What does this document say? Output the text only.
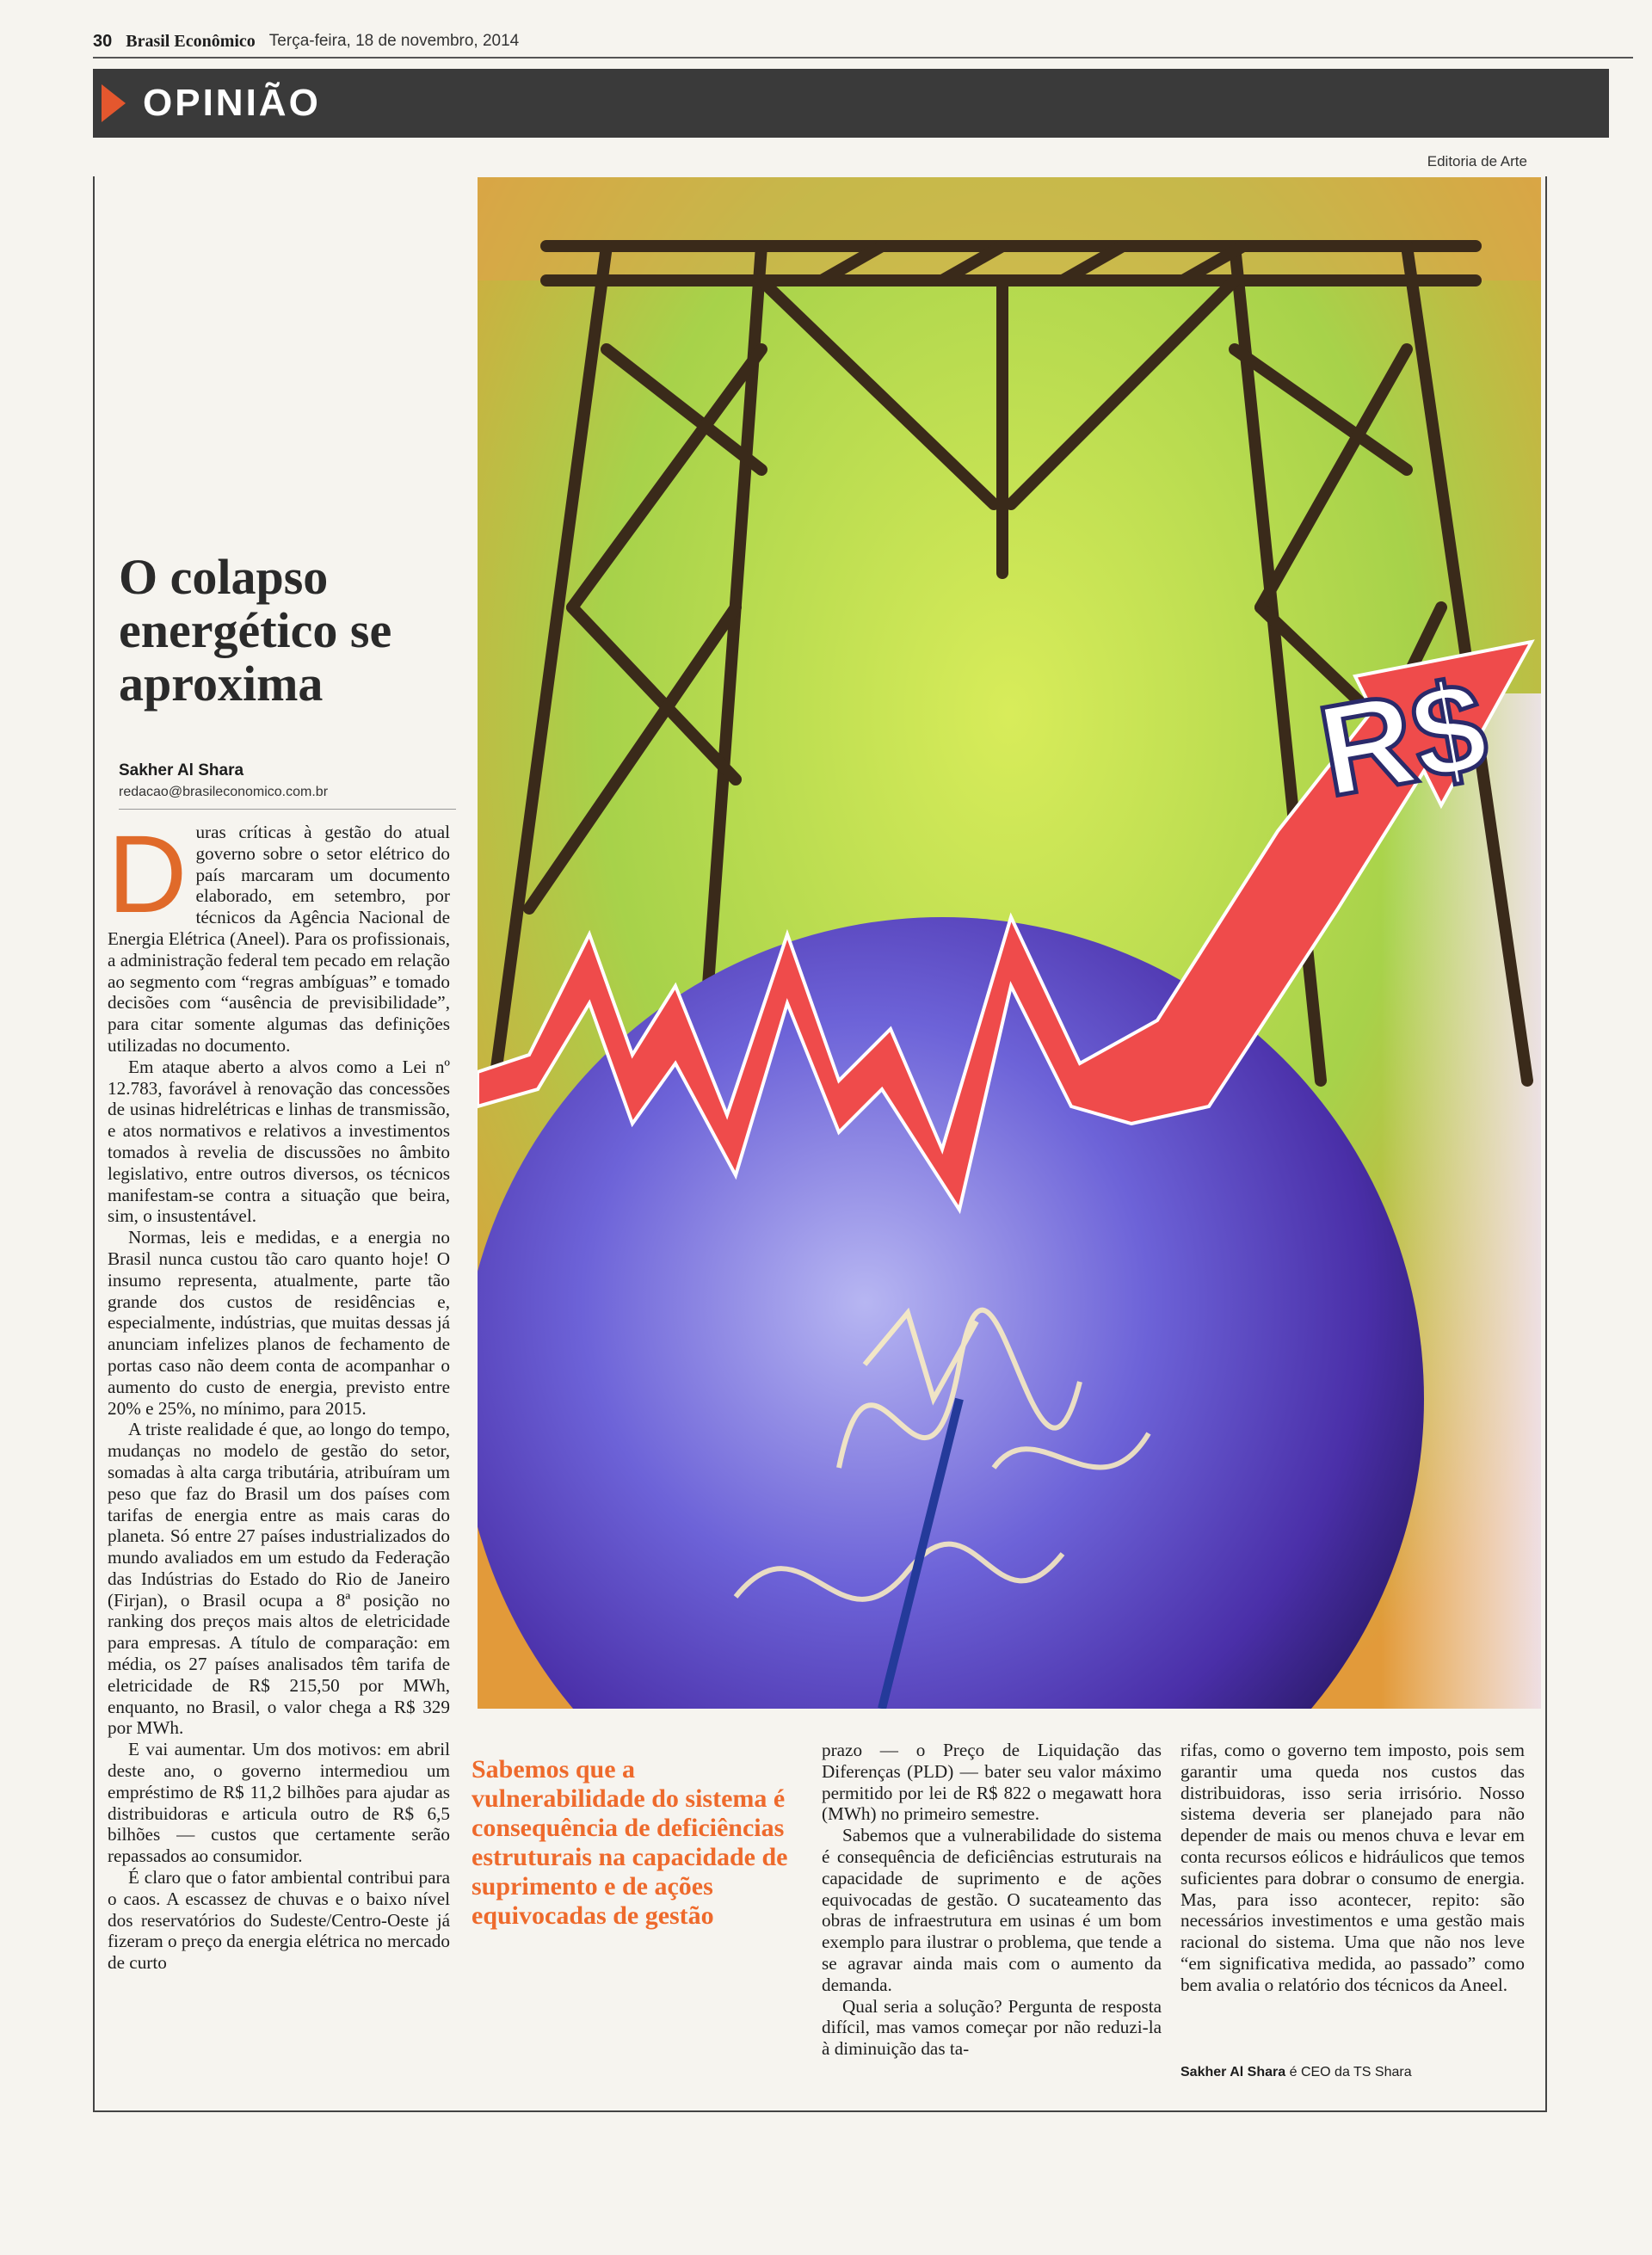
30 Brasil Econômico Terça-feira, 18 de novembro, 2014
OPINIÃO
Editoria de Arte
R$
O colapso energético se aproxima
Sakher Al Shara
redacao@brasileconomico.com.br
D uras críticas à gestão do atual governo sobre o setor elétrico do país marcaram um documento elaborado, em setembro, por técnicos da Agência Nacional de Energia Elétrica (Aneel). Para os profissionais, a administração federal tem pecado em relação ao segmento com “regras ambíguas” e tomado decisões com “ausência de previsibilidade”, para citar somente algumas das definições utilizadas no documento.

Em ataque aberto a alvos como a Lei nº 12.783, favorável à renovação das concessões de usinas hidrelétricas e linhas de transmissão, e atos normativos e relativos a investimentos tomados à revelia de discussões no âmbito legislativo, entre outros diversos, os técnicos manifestam-se contra a situação que beira, sim, o insustentável.

Normas, leis e medidas, e a energia no Brasil nunca custou tão caro quanto hoje! O insumo representa, atualmente, parte tão grande dos custos de residências e, especialmente, indústrias, que muitas dessas já anunciam infelizes planos de fechamento de portas caso não deem conta de acompanhar o aumento do custo de energia, previsto entre 20% e 25%, no mínimo, para 2015.

A triste realidade é que, ao longo do tempo, mudanças no modelo de gestão do setor, somadas à alta carga tributária, atribuíram um peso que faz do Brasil um dos países com tarifas de energia entre as mais caras do planeta. Só entre 27 países industrializados do mundo avaliados em um estudo da Federação das Indústrias do Estado do Rio de Janeiro (Firjan), o Brasil ocupa a 8ª posição no ranking dos preços mais altos de eletricidade para empresas. A título de comparação: em média, os 27 países analisados têm tarifa de eletricidade de R$ 215,50 por MWh, enquanto, no Brasil, o valor chega a R$ 329 por MWh.

E vai aumentar. Um dos motivos: em abril deste ano, o governo intermediou um empréstimo de R$ 11,2 bilhões para ajudar as distribuidoras e articula outro de R$ 6,5 bilhões — custos que certamente serão repassados ao consumidor.

É claro que o fator ambiental contribui para o caos. A escassez de chuvas e o baixo nível dos reservatórios do Sudeste/Centro-Oeste já fizeram o preço da energia elétrica no mercado de curto

Sabemos que a vulnerabilidade do sistema é consequência de deficiências estruturais na capacidade de suprimento e de ações equivocadas de gestão

prazo — o Preço de Liquidação das Diferenças (PLD) — bater seu valor máximo permitido por lei de R$ 822 o megawatt hora (MWh) no primeiro semestre.

Sabemos que a vulnerabilidade do sistema é consequência de deficiências estruturais na capacidade de suprimento e de ações equivocadas de gestão. O sucateamento das obras de infraestrutura em usinas é um bom exemplo para ilustrar o problema, que tende a se agravar ainda mais com o aumento da demanda.

Qual seria a solução? Pergunta de resposta difícil, mas vamos começar por não reduzi-la à diminuição das ta-

rifas, como o governo tem imposto, pois sem garantir uma queda nos custos das distribuidoras, isso seria irrisório. Nosso sistema deveria ser planejado para não depender de mais ou menos chuva e levar em conta recursos eólicos e hidráulicos que temos suficientes para dobrar o consumo de energia. Mas, para isso acontecer, repito: são necessários investimentos e uma gestão mais racional do sistema. Uma que não nos leve “em significativa medida, ao passado” como bem avalia o relatório dos técnicos da Aneel.

Sakher Al Shara é CEO da TS Shara
